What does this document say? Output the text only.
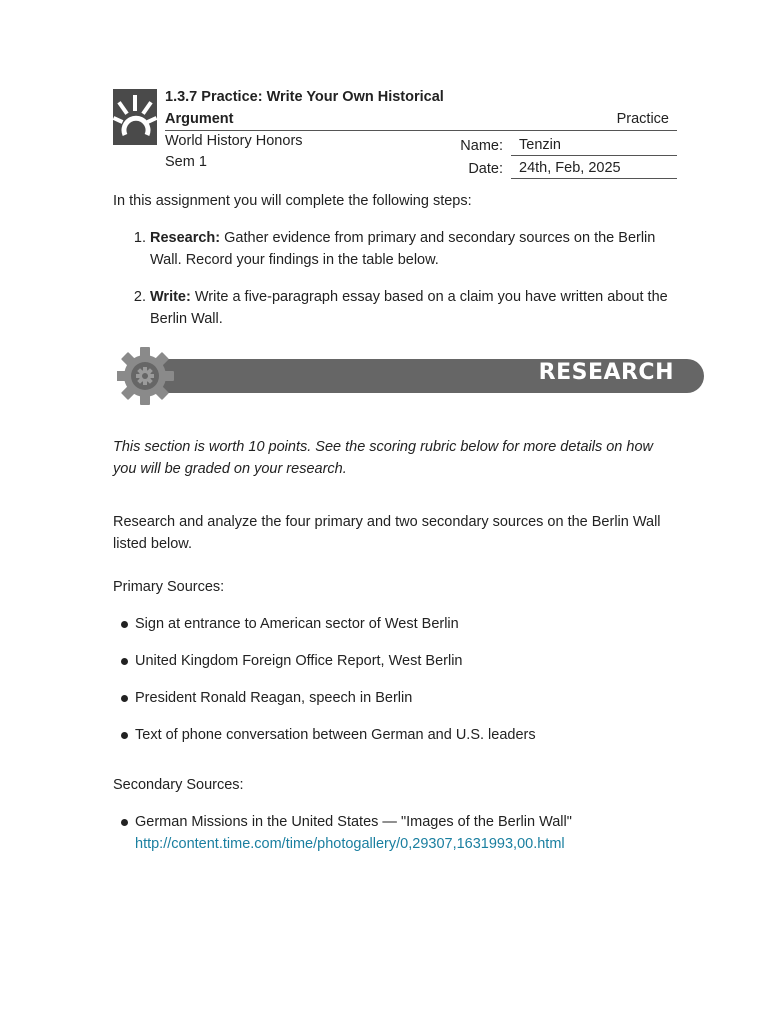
1.3.7 Practice: Write Your Own Historical Argument	Practice
World History Honors
Sem 1
Name:	Tenzin
Date:	24th, Feb, 2025

In this assignment you will complete the following steps:

1. Research: Gather evidence from primary and secondary sources on the Berlin Wall. Record your findings in the table below.
2. Write: Write a five-paragraph essay based on a claim you have written about the Berlin Wall.
RESEARCH

This section is worth 10 points. See the scoring rubric below for more details on how you will be graded on your research.

Research and analyze the four primary and two secondary sources on the Berlin Wall listed below.

Primary Sources:

Sign at entrance to American sector of West Berlin
United Kingdom Foreign Office Report, West Berlin
President Ronald Reagan, speech in Berlin
Text of phone conversation between German and U.S. leaders

Secondary Sources:

German Missions in the United States — "Images of the Berlin Wall"
http://content.time.com/time/photogallery/0,29307,1631993,00.html
